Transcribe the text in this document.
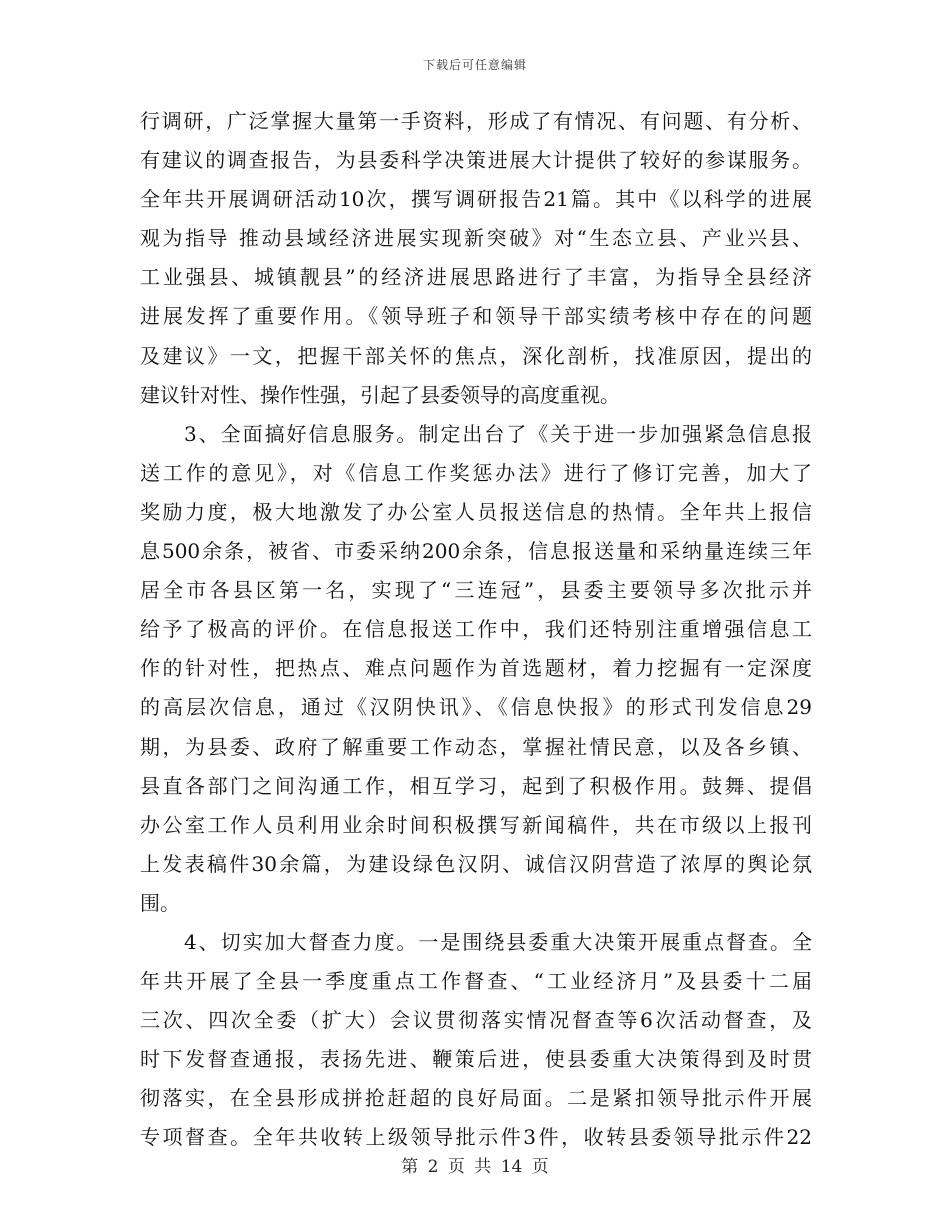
下载后可任意编辑
行调研，广泛掌握大量第一手资料，形成了有情况、有问题、有分析、
有建议的调查报告，为县委科学决策进展大计提供了较好的参谋服务。
全年共开展调研活动10次，撰写调研报告21篇。其中《以科学的进展
观为指导 推动县域经济进展实现新突破》对“生态立县、产业兴县、
工业强县、城镇靓县”的经济进展思路进行了丰富，为指导全县经济
进展发挥了重要作用。《领导班子和领导干部实绩考核中存在的问题
及建议》一文，把握干部关怀的焦点，深化剖析，找准原因，提出的
建议针对性、操作性强，引起了县委领导的高度重视。
　　3、全面搞好信息服务。制定出台了《关于进一步加强紧急信息报
送工作的意见》，对《信息工作奖惩办法》进行了修订完善，加大了
奖励力度，极大地激发了办公室人员报送信息的热情。全年共上报信
息500余条，被省、市委采纳200余条，信息报送量和采纳量连续三年
居全市各县区第一名，实现了“三连冠”，县委主要领导多次批示并
给予了极高的评价。在信息报送工作中，我们还特别注重增强信息工
作的针对性，把热点、难点问题作为首选题材，着力挖掘有一定深度
的高层次信息，通过《汉阴快讯》、《信息快报》的形式刊发信息29
期，为县委、政府了解重要工作动态，掌握社情民意，以及各乡镇、
县直各部门之间沟通工作，相互学习，起到了积极作用。鼓舞、提倡
办公室工作人员利用业余时间积极撰写新闻稿件，共在市级以上报刊
上发表稿件30余篇，为建设绿色汉阴、诚信汉阴营造了浓厚的舆论氛
围。
　　4、切实加大督查力度。一是围绕县委重大决策开展重点督查。全
年共开展了全县一季度重点工作督查、“工业经济月”及县委十二届
三次、四次全委（扩大）会议贯彻落实情况督查等6次活动督查，及
时下发督查通报，表扬先进、鞭策后进，使县委重大决策得到及时贯
彻落实，在全县形成拼抢赶超的良好局面。二是紧扣领导批示件开展
专项督查。全年共收转上级领导批示件3件，收转县委领导批示件22
第 2 页 共 14 页
